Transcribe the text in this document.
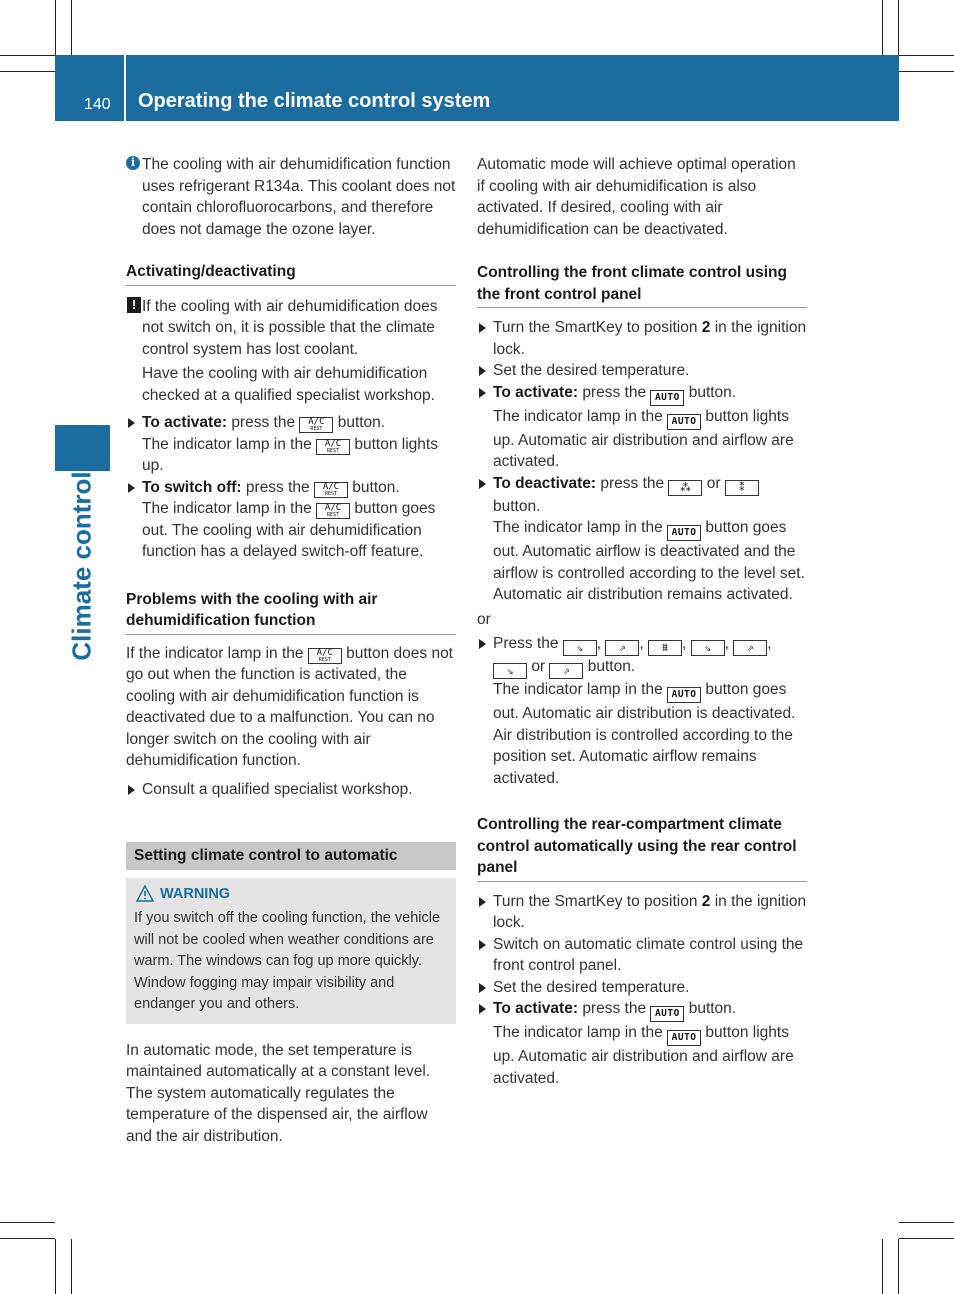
140 Operating the climate control system
Climate control

i The cooling with air dehumidification function uses refrigerant R134a. This coolant does not contain chlorofluorocarbons, and therefore does not damage the ozone layer.

Activating/deactivating

! If the cooling with air dehumidification does not switch on, it is possible that the climate control system has lost coolant.

Have the cooling with air dehumidification checked at a qualified specialist workshop.

To activate: press the A/C
REST button.

The indicator lamp in the A/C
REST button lights up.

To switch off: press the A/C
REST button.

The indicator lamp in the A/C
REST button goes out. The cooling with air dehumidification function has a delayed switch-off feature.

Problems with the cooling with air dehumidification function

If the indicator lamp in the A/C
REST button does not go out when the function is activated, the cooling with air dehumidification function is deactivated due to a malfunction. You can no longer switch on the cooling with air dehumidification function.

Consult a qualified specialist workshop.

Setting climate control to automatic
WARNING

If you switch off the cooling function, the vehicle will not be cooled when weather conditions are warm. The windows can fog up more quickly. Window fogging may impair visibility and endanger you and others.

In automatic mode, the set temperature is maintained automatically at a constant level. The system automatically regulates the temperature of the dispensed air, the airflow and the air distribution.

Automatic mode will achieve optimal operation if cooling with air dehumidification is also activated. If desired, cooling with air dehumidification can be deactivated.

Controlling the front climate control using the front control panel

Turn the SmartKey to position 2 in the ignition lock.

Set the desired temperature.

To activate: press the AUTO button.

The indicator lamp in the AUTO button lights up. Automatic air distribution and airflow are activated.

To deactivate: press the ⁂ or ⁑
button.

The indicator lamp in the AUTO button goes out. Automatic airflow is deactivated and the airflow is controlled according to the level set. Automatic air distribution remains activated.

or

Press the ⇘ , ⇗ , ⩩ , ⇘ , ⇗ , ⇘ or ⇗ button.

The indicator lamp in the AUTO button goes out. Automatic air distribution is deactivated. Air distribution is controlled according to the position set. Automatic airflow remains activated.

Controlling the rear-compartment climate control automatically using the rear control panel

Turn the SmartKey to position 2 in the ignition lock.

Switch on automatic climate control using the front control panel.

Set the desired temperature.

To activate: press the AUTO button.

The indicator lamp in the AUTO button lights up. Automatic air distribution and airflow are activated.
